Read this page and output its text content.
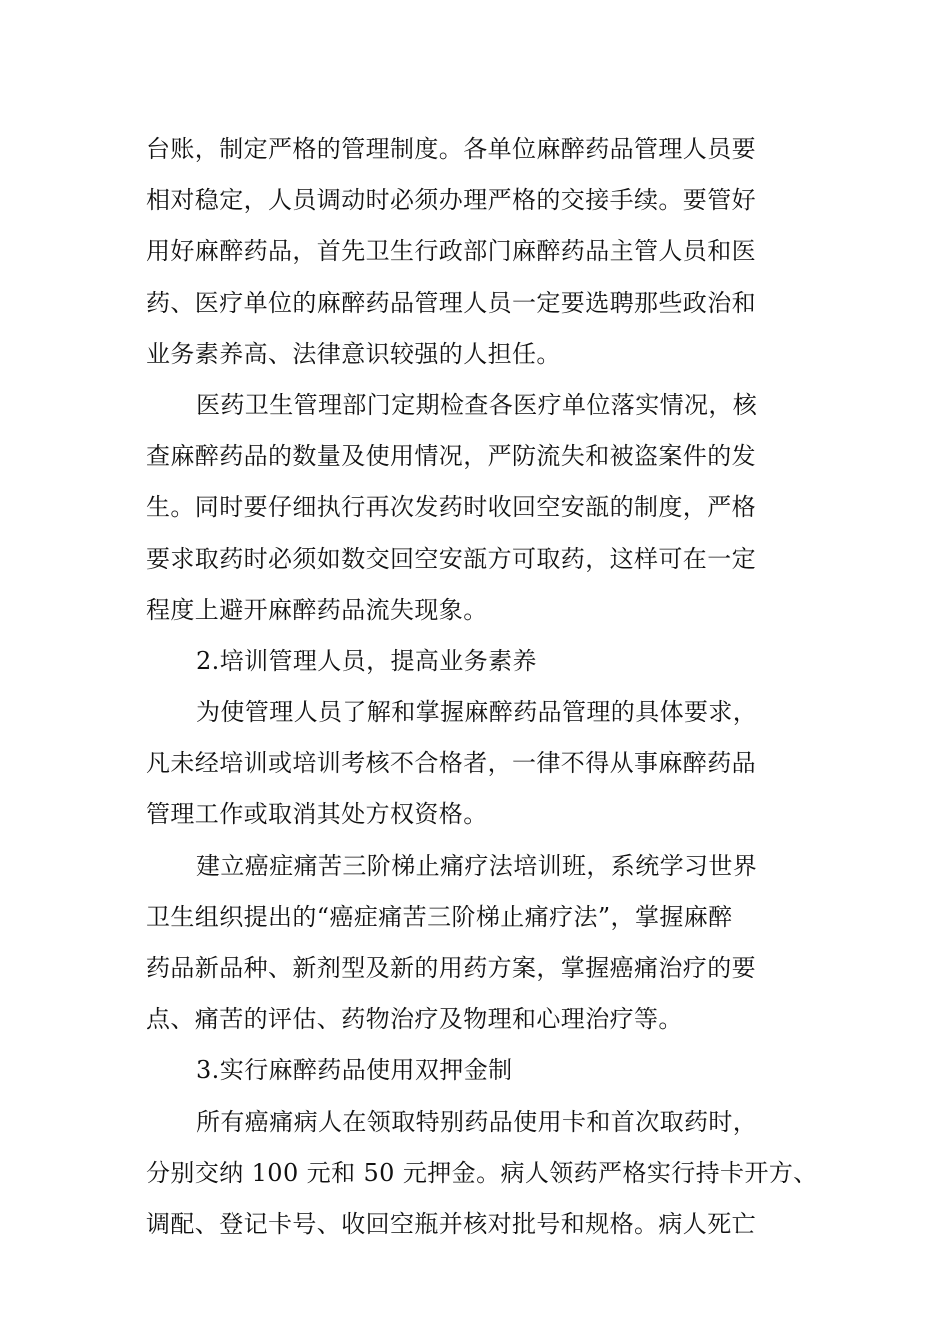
台账，制定严格的管理制度。各单位麻醉药品管理人员要
相对稳定，人员调动时必须办理严格的交接手续。要管好
用好麻醉药品，首先卫生行政部门麻醉药品主管人员和医
药、医疗单位的麻醉药品管理人员一定要选聘那些政治和
业务素养高、法律意识较强的人担任。
医药卫生管理部门定期检查各医疗单位落实情况，核
查麻醉药品的数量及使用情况，严防流失和被盗案件的发
生。同时要仔细执行再次发药时收回空安瓿的制度，严格
要求取药时必须如数交回空安瓿方可取药，这样可在一定
程度上避开麻醉药品流失现象。
2.培训管理人员，提高业务素养
为使管理人员了解和掌握麻醉药品管理的具体要求，
凡未经培训或培训考核不合格者，一律不得从事麻醉药品
管理工作或取消其处方权资格。
建立癌症痛苦三阶梯止痛疗法培训班，系统学习世界
卫生组织提出的“癌症痛苦三阶梯止痛疗法”，掌握麻醉
药品新品种、新剂型及新的用药方案，掌握癌痛治疗的要
点、痛苦的评估、药物治疗及物理和心理治疗等。
3.实行麻醉药品使用双押金制
所有癌痛病人在领取特别药品使用卡和首次取药时，
分别交纳 100 元和 50 元押金。病人领药严格实行持卡开方、
调配、登记卡号、收回空瓶并核对批号和规格。病人死亡
